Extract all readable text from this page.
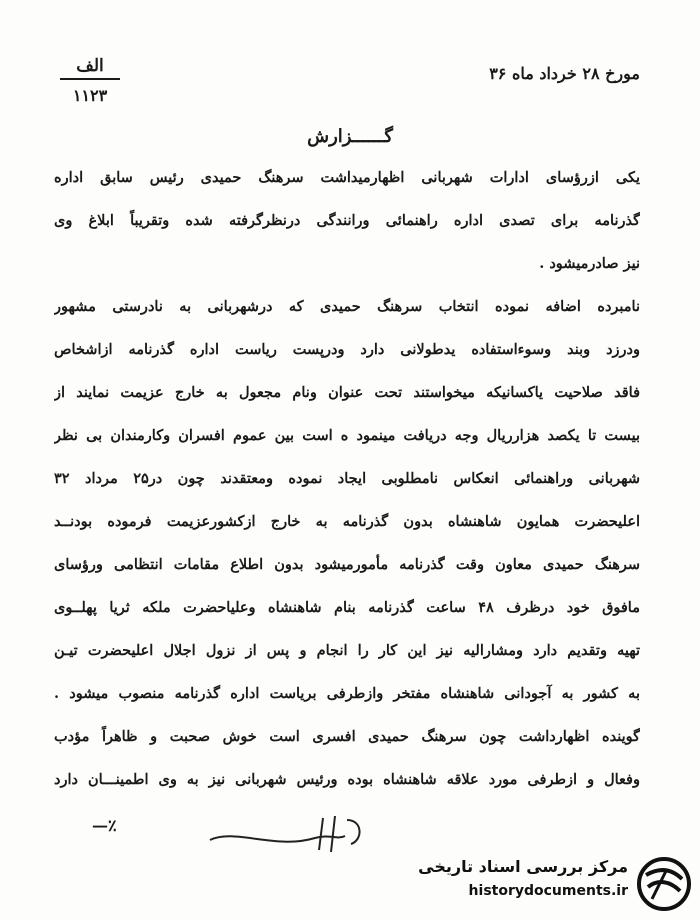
الف
۱۱۲۳
مورخ ۲۸ خرداد ماه ۳۶
گــــــزارش
یکی ازرؤسای ادارات شهربانی اظهارمیداشت سرهنگ حمیدی رئیس سابق اداره
گذرنامه برای تصدی اداره راهنمائی ورانندگی درنظرگرفته شده وتقریباً ابلاغ وی
نیز صادرمیشود .
نامبرده اضافه نموده انتخاب سرهنگ حمیدی که درشهربانی به نادرستی مشهور
ودرزد وبند وسوءاستفاده یدطولانی دارد ودرپست ریاست اداره گذرنامه ازاشخاص
فاقد صلاحیت یاکسانیکه میخواستند تحت عنوان ونام مجعول به خارج عزیمت نمایند از
بیست تا یکصد هزارریال وجه دریافت مینمود ه است بین عموم افسران وکارمندان بی نظر
شهربانی وراهنمائی انعکاس نامطلوبی ایجاد نموده ومعتقدند چون در۲۵ مرداد ۳۲
اعلیحضرت همایون شاهنشاه بدون گذرنامه به خارج ازکشورعزیمت فرموده بودنــد
سرهنگ حمیدی معاون وقت گذرنامه مأمورمیشود بدون اطلاع مقامات انتظامی ورؤسای
مافوق خود درظرف ۴۸ ساعت گذرنامه بنام شاهنشاه وعلیاحضرت ملکه ثریا پهلــوی
تهیه وتقدیم دارد ومشارالیه نیز این کار را انجام و پس از نزول اجلال اعلیحضرت تیـن
به کشور به آجودانی شاهنشاه مفتخر وازطرفی بریاست اداره گذرنامه منصوب میشود .
گوینده اظهارداشت چون سرهنگ حمیدی افسری است خوش صحبت و ظاهراً مؤدب
وفعال و ازطرفی مورد علاقه شاهنشاه بوده ورئیس شهربانی نیز به وی اطمینـــان دارد
—٪
مرکز بررسی اسناد تاریخی
historydocuments.ir
